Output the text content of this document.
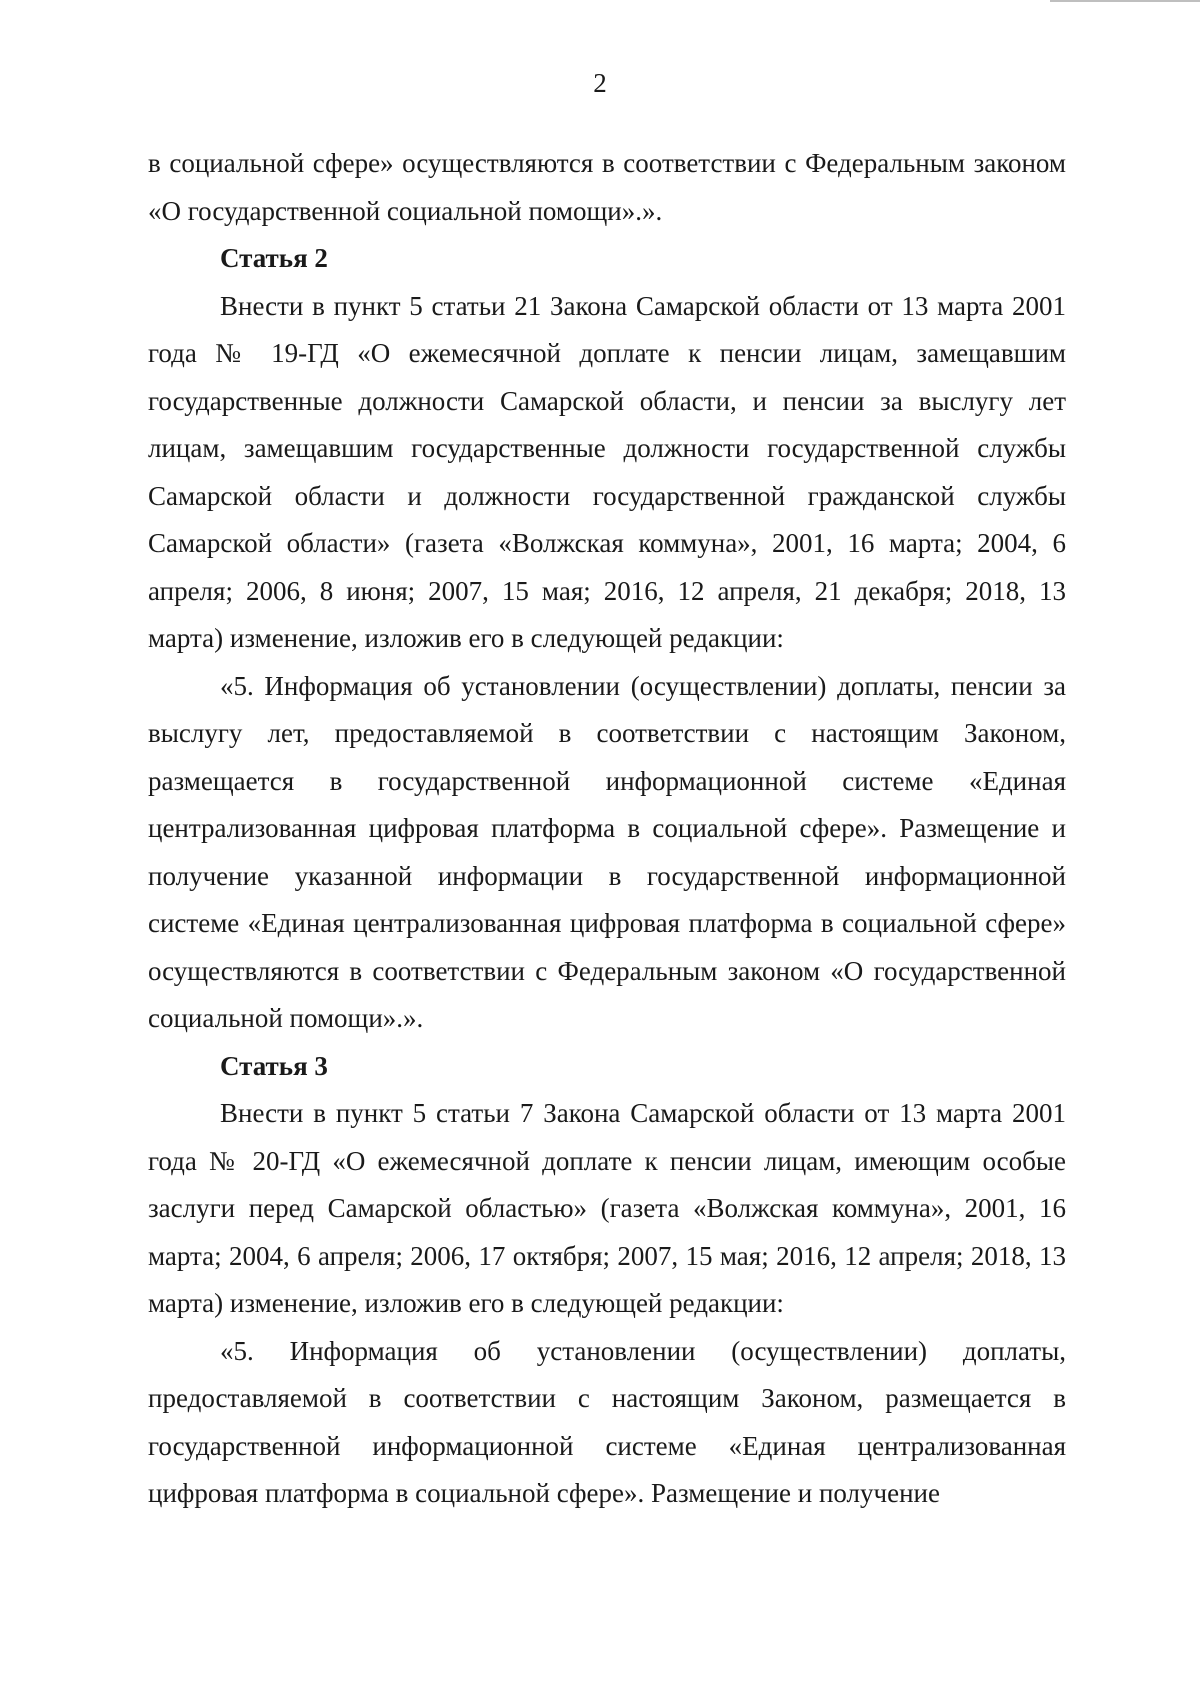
2

в социальной сфере» осуществляются в соответствии с Федеральным законом «О государственной социальной помощи».».

Статья 2

Внести в пункт 5 статьи 21 Закона Самарской области от 13 марта 2001 года № 19-ГД «О ежемесячной доплате к пенсии лицам, замещавшим государственные должности Самарской области, и пенсии за выслугу лет лицам, замещавшим государственные должности государственной службы Самарской области и должности государственной гражданской службы Самарской области» (газета «Волжская коммуна», 2001, 16 марта; 2004, 6 апреля; 2006, 8 июня; 2007, 15 мая; 2016, 12 апреля, 21 декабря; 2018, 13 марта) изменение, изложив его в следующей редакции:

«5. Информация об установлении (осуществлении) доплаты, пенсии за выслугу лет, предоставляемой в соответствии с настоящим Законом, размещается в государственной информационной системе «Единая централизованная цифровая платформа в социальной сфере». Размещение и получение указанной информации в государственной информационной системе «Единая централизованная цифровая платформа в социальной сфере» осуществляются в соответствии с Федеральным законом «О государственной социальной помощи».».

Статья 3

Внести в пункт 5 статьи 7 Закона Самарской области от 13 марта 2001 года № 20-ГД «О ежемесячной доплате к пенсии лицам, имеющим особые заслуги перед Самарской областью» (газета «Волжская коммуна», 2001, 16 марта; 2004, 6 апреля; 2006, 17 октября; 2007, 15 мая; 2016, 12 апреля; 2018, 13 марта) изменение, изложив его в следующей редакции:

«5. Информация об установлении (осуществлении) доплаты, предоставляемой в соответствии с настоящим Законом, размещается в государственной информационной системе «Единая централизованная цифровая платформа в социальной сфере». Размещение и получение
